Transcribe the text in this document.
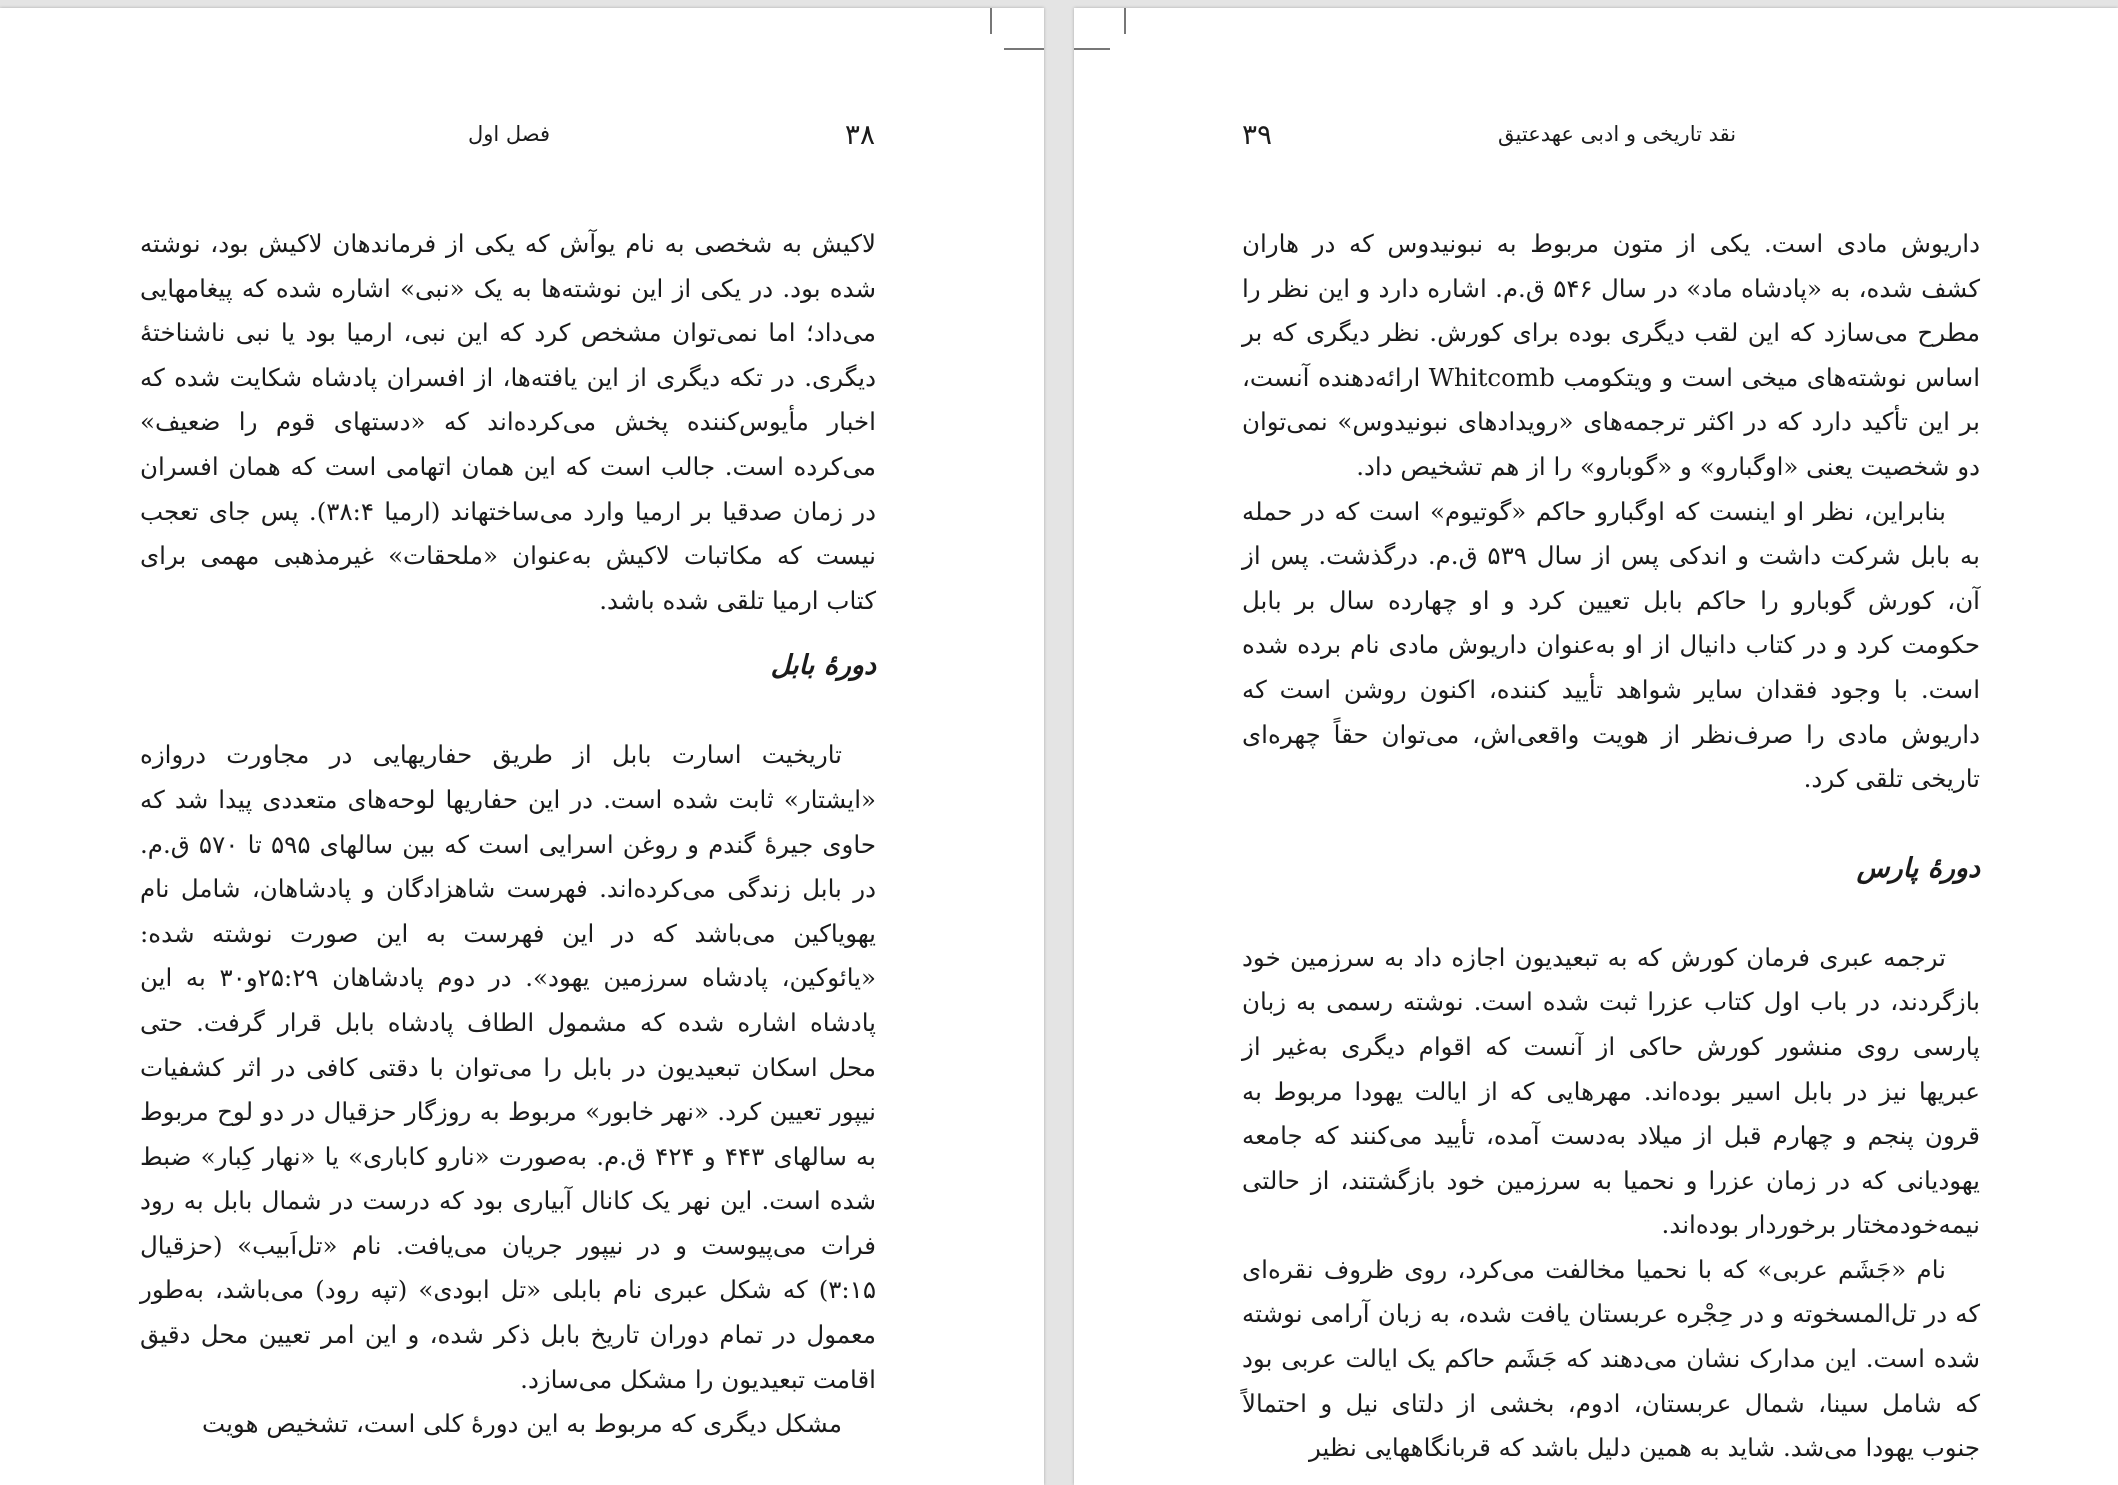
۳۸
فصل اول

لاکیش به شخصی به نام یوآش که یکی از فرماندهان لاکیش بود، نوشته شده بود. در یکی از این نوشته‌ها به یک «نبی» اشاره شده که پیغامهایی می‌داد؛ اما نمی‌توان مشخص کرد که این نبی، ارمیا بود یا نبی ناشناختهٔ دیگری. در تکه دیگری از این یافته‌ها، از افسران پادشاه شکایت شده که اخبار مأیوس‌کننده پخش می‌کرده‌اند که «دستهای قوم را ضعیف» می‌کرده است. جالب است که این همان اتهامی است که همان افسران در زمان صدقیا بر ارمیا وارد می‌ساختهاند (ارمیا ۳۸:۴). پس جای تعجب نیست که مکاتبات لاکیش به‌عنوان «ملحقات» غیرمذهبی مهمی برای کتاب ارمیا تلقی شده باشد.

دورهٔ بابل

تاریخیت اسارت بابل از طریق حفاریهایی در مجاورت دروازه «ایشتار» ثابت شده است. در این حفاریها لوحه‌های متعددی پیدا شد که حاوی جیرهٔ گندم و روغن اسرایی است که بین سالهای ۵۹۵ تا ۵۷۰ ق.م. در بابل زندگی می‌کرده‌اند. فهرست شاهزادگان و پادشاهان، شامل نام یهویاکین می‌باشد که در این فهرست به این صورت نوشته شده: «یائوکین، پادشاه سرزمین یهود». در دوم پادشاهان ۲۵:۲۹و۳۰ به این پادشاه اشاره شده که مشمول الطاف پادشاه بابل قرار گرفت. حتی محل اسکان تبعیدیون در بابل را می‌توان با دقتی کافی در اثر کشفیات نیپور تعیین کرد. «نهر خابور» مربوط به روزگار حزقیال در دو لوح مربوط به سالهای ۴۴۳ و ۴۲۴ ق.م. به‌صورت «نارو کاباری» یا «نهار کِبار» ضبط شده است. این نهر یک کانال آبیاری بود که درست در شمال بابل به رود فرات می‌پیوست و در نیپور جریان می‌یافت. نام «تل‌اَبیب» (حزقیال ۳:۱۵) که شکل عبری نام بابلی «تل ابودی» (تپه رود) می‌باشد، به‌طور معمول در تمام دوران تاریخ بابل ذکر شده، و این امر تعیین محل دقیق اقامت تبعیدیون را مشکل می‌سازد.

مشکل دیگری که مربوط به این دورهٔ کلی است، تشخیص هویت

۳۹	نقد تاریخی و ادبی عهدعتیق

داریوش مادی است. یکی از متون مربوط به نبونیدوس که در هاران کشف شده، به «پادشاه ماد» در سال ۵۴۶ ق.م. اشاره دارد و این نظر را مطرح می‌سازد که این لقب دیگری بوده برای کورش. نظر دیگری که بر اساس نوشته‌های میخی است و ویتکومب Whitcomb ارائه‌دهنده آنست، بر این تأکید دارد که در اکثر ترجمه‌های «رویدادهای نبونیدوس» نمی‌توان دو شخصیت یعنی «اوگبارو» و «گوبارو» را از هم تشخیص داد.

بنابراین، نظر او اینست که اوگبارو حاکم «گوتیوم» است که در حمله به بابل شرکت داشت و اندکی پس از سال ۵۳۹ ق.م. درگذشت. پس از آن، کورش گوبارو را حاکم بابل تعیین کرد و او چهارده سال بر بابل حکومت کرد و در کتاب دانیال از او به‌عنوان داریوش مادی نام برده شده است. با وجود فقدان سایر شواهد تأیید کننده، اکنون روشن است که داریوش مادی را صرف‌نظر از هویت واقعی‌اش، می‌توان حقاً چهره‌ای تاریخی تلقی کرد.

دورهٔ پارس

ترجمه عبری فرمان کورش که به تبعیدیون اجازه داد به سرزمین خود بازگردند، در باب اول کتاب عزرا ثبت شده است. نوشته رسمی به زبان پارسی روی منشور کورش حاکی از آنست که اقوام دیگری به‌غیر از عبریها نیز در بابل اسیر بوده‌اند. مهرهایی که از ایالت یهودا مربوط به قرون پنجم و چهارم قبل از میلاد به‌دست آمده، تأیید می‌کنند که جامعه یهودیانی که در زمان عزرا و نحمیا به سرزمین خود بازگشتند، از حالتی نیمه‌خودمختار برخوردار بوده‌اند.

نام «جَشَم عربی» که با نحمیا مخالفت می‌کرد، روی ظروف نقره‌ای که در تل‌المسخوته و در حِجْره عربستان یافت شده، به زبان آرامی نوشته شده است. این مدارک نشان می‌دهند که جَشَم حاکم یک ایالت عربی بود که شامل سینا، شمال عربستان، ادوم، بخشی از دلتای نیل و احتمالاً جنوب یهودا می‌شد. شاید به همین دلیل باشد که قربانگاههایی نظیر
